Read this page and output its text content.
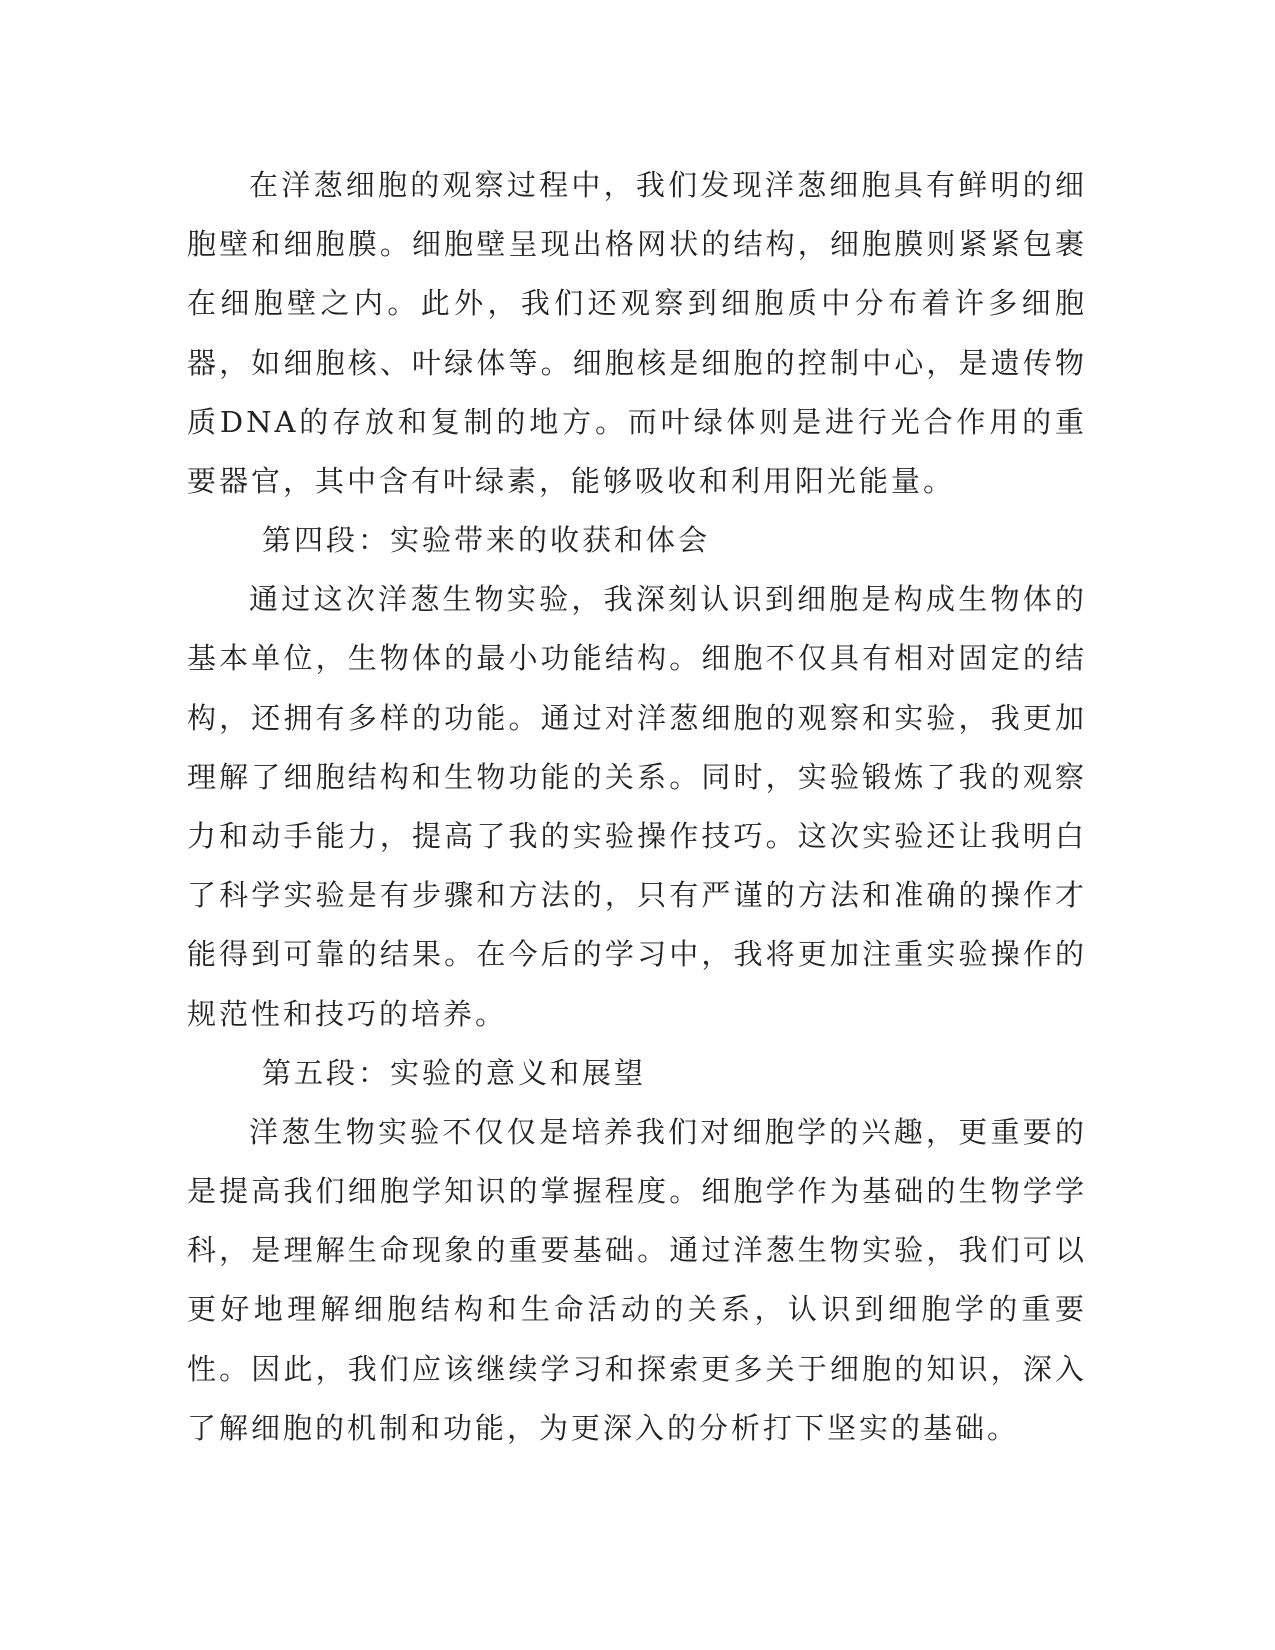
在洋葱细胞的观察过程中，我们发现洋葱细胞具有鲜明的细胞壁和细胞膜。细胞壁呈现出格网状的结构，细胞膜则紧紧包裹在细胞壁之内。此外，我们还观察到细胞质中分布着许多细胞器，如细胞核、叶绿体等。细胞核是细胞的控制中心，是遗传物质DNA的存放和复制的地方。而叶绿体则是进行光合作用的重要器官，其中含有叶绿素，能够吸收和利用阳光能量。

第四段：实验带来的收获和体会

通过这次洋葱生物实验，我深刻认识到细胞是构成生物体的基本单位，生物体的最小功能结构。细胞不仅具有相对固定的结构，还拥有多样的功能。通过对洋葱细胞的观察和实验，我更加理解了细胞结构和生物功能的关系。同时，实验锻炼了我的观察力和动手能力，提高了我的实验操作技巧。这次实验还让我明白了科学实验是有步骤和方法的，只有严谨的方法和准确的操作才能得到可靠的结果。在今后的学习中，我将更加注重实验操作的规范性和技巧的培养。

第五段：实验的意义和展望

洋葱生物实验不仅仅是培养我们对细胞学的兴趣，更重要的是提高我们细胞学知识的掌握程度。细胞学作为基础的生物学学科，是理解生命现象的重要基础。通过洋葱生物实验，我们可以更好地理解细胞结构和生命活动的关系，认识到细胞学的重要性。因此，我们应该继续学习和探索更多关于细胞的知识，深入了解细胞的机制和功能，为更深入的分析打下坚实的基础。
